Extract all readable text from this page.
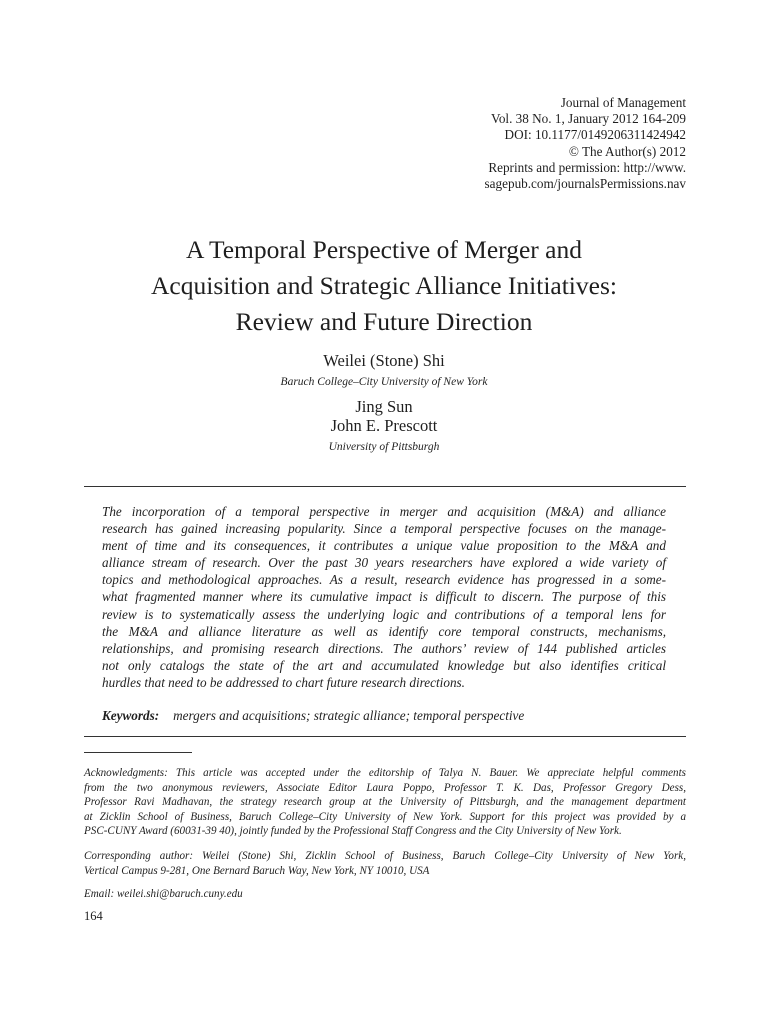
Journal of Management
Vol. 38 No. 1, January 2012 164-209
DOI: 10.1177/0149206311424942
© The Author(s) 2012
Reprints and permission: http://www.
sagepub.com/journalsPermissions.nav
A Temporal Perspective of Merger and
Acquisition and Strategic Alliance Initiatives:
Review and Future Direction
Weilei (Stone) Shi
Baruch College–City University of New York
Jing Sun
John E. Prescott
University of Pittsburgh
The incorporation of a temporal perspective in merger and acquisition (M&A) and alliance
research has gained increasing popularity. Since a temporal perspective focuses on the manage-
ment of time and its consequences, it contributes a unique value proposition to the M&A and
alliance stream of research. Over the past 30 years researchers have explored a wide variety of
topics and methodological approaches. As a result, research evidence has progressed in a some-
what fragmented manner where its cumulative impact is difficult to discern. The purpose of this
review is to systematically assess the underlying logic and contributions of a temporal lens for
the M&A and alliance literature as well as identify core temporal constructs, mechanisms,
relationships, and promising research directions. The authors’ review of 144 published articles
not only catalogs the state of the art and accumulated knowledge but also identifies critical
hurdles that need to be addressed to chart future research directions.
Keywords: mergers and acquisitions; strategic alliance; temporal perspective
Acknowledgments: This article was accepted under the editorship of Talya N. Bauer. We appreciate helpful comments
from the two anonymous reviewers, Associate Editor Laura Poppo, Professor T. K. Das, Professor Gregory Dess,
Professor Ravi Madhavan, the strategy research group at the University of Pittsburgh, and the management department
at Zicklin School of Business, Baruch College–City University of New York. Support for this project was provided by a
PSC-CUNY Award (60031-39 40), jointly funded by the Professional Staff Congress and the City University of New York.
Corresponding author: Weilei (Stone) Shi, Zicklin School of Business, Baruch College–City University of New York,
Vertical Campus 9-281, One Bernard Baruch Way, New York, NY 10010, USA
Email: weilei.shi@baruch.cuny.edu
164
